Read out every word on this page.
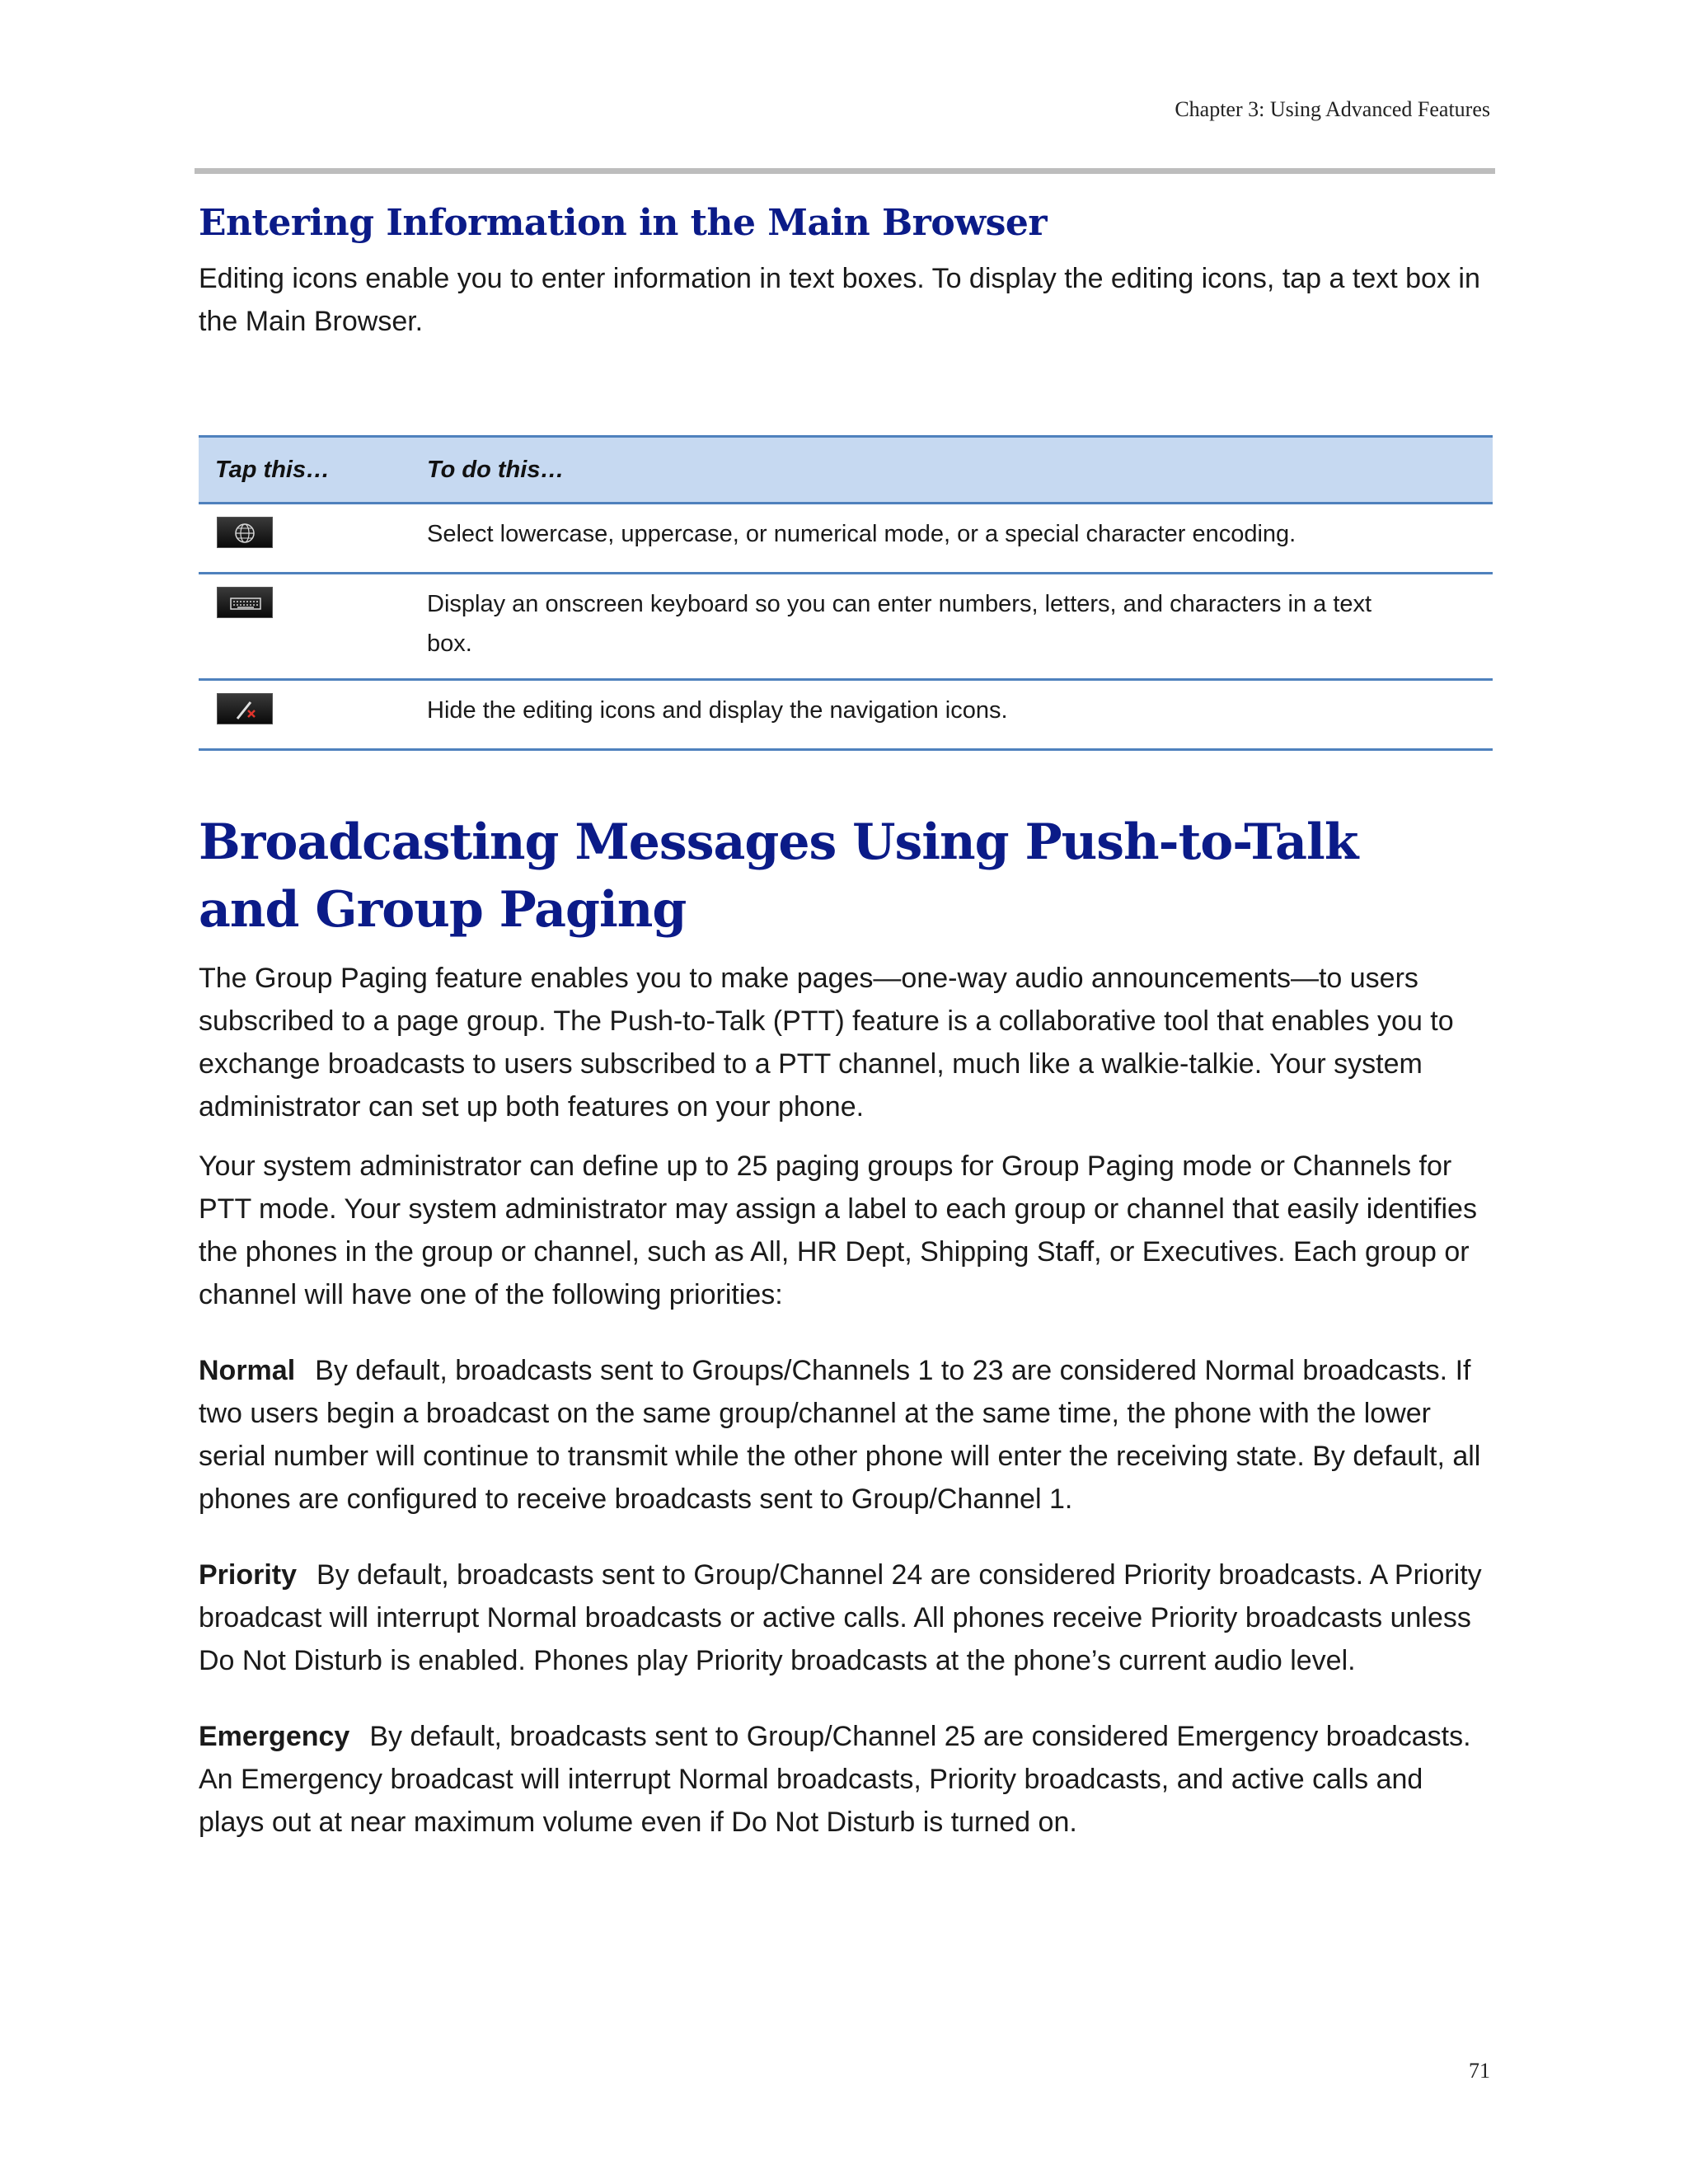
Chapter 3: Using Advanced Features
Entering Information in the Main Browser

Editing icons enable you to enter information in text boxes. To display the editing icons, tap a text box in the Main Browser.

Tap this…	To do this…

	Select lowercase, uppercase, or numerical mode, or a special character encoding.

	Display an onscreen keyboard so you can enter numbers, letters, and characters in a text box.

	Hide the editing icons and display the navigation icons.
Broadcasting Messages Using Push-to-Talk and Group Paging

The Group Paging feature enables you to make pages—one-way audio announcements—to users subscribed to a page group. The Push-to-Talk (PTT) feature is a collaborative tool that enables you to exchange broadcasts to users subscribed to a PTT channel, much like a walkie-talkie. Your system administrator can set up both features on your phone.

Your system administrator can define up to 25 paging groups for Group Paging mode or Channels for PTT mode. Your system administrator may assign a label to each group or channel that easily identifies the phones in the group or channel, such as All, HR Dept, Shipping Staff, or Executives. Each group or channel will have one of the following priorities:

Normal By default, broadcasts sent to Groups/Channels 1 to 23 are considered Normal broadcasts. If two users begin a broadcast on the same group/channel at the same time, the phone with the lower serial number will continue to transmit while the other phone will enter the receiving state. By default, all phones are configured to receive broadcasts sent to Group/Channel 1.

Priority By default, broadcasts sent to Group/Channel 24 are considered Priority broadcasts. A Priority broadcast will interrupt Normal broadcasts or active calls. All phones receive Priority broadcasts unless Do Not Disturb is enabled. Phones play Priority broadcasts at the phone’s current audio level.

Emergency By default, broadcasts sent to Group/Channel 25 are considered Emergency broadcasts. An Emergency broadcast will interrupt Normal broadcasts, Priority broadcasts, and active calls and plays out at near maximum volume even if Do Not Disturb is turned on.

71
